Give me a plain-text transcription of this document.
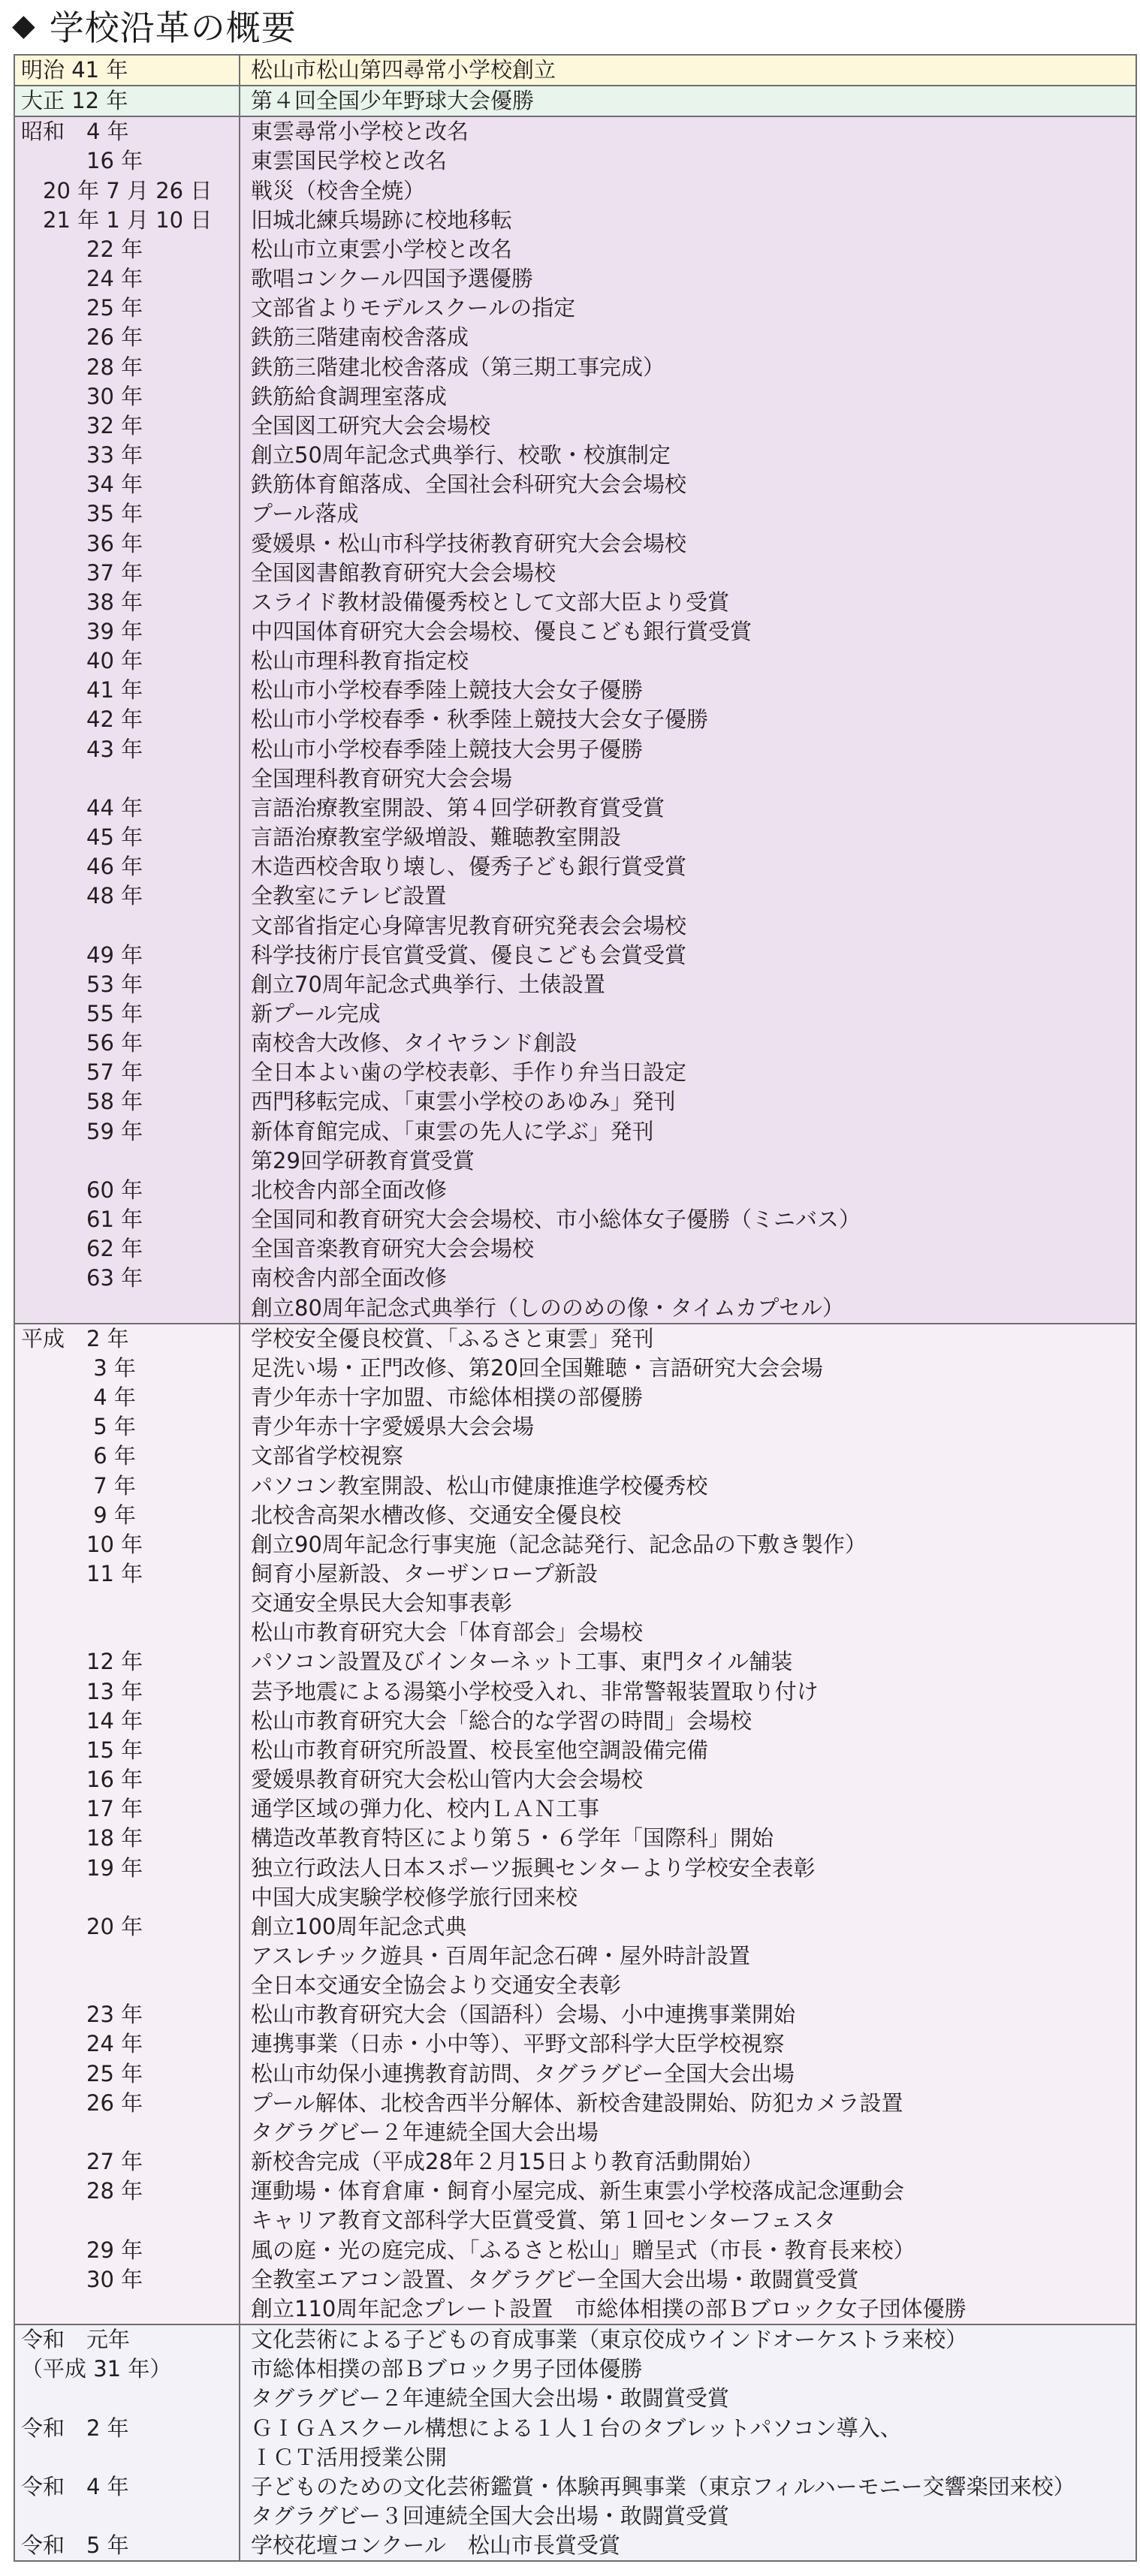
◆ 学校沿革の概要
明治 41 年	松山市松山第四尋常小学校創立
大正 12 年	第４回全国少年野球大会優勝
昭和　4 年	東雲尋常小学校と改名
　　　16 年	東雲国民学校と改名
　20 年 7 月 26 日	戦災（校舎全焼）
　21 年 1 月 10 日	旧城北練兵場跡に校地移転
　　　22 年	松山市立東雲小学校と改名
　　　24 年	歌唱コンクール四国予選優勝
　　　25 年	文部省よりモデルスクールの指定
　　　26 年	鉄筋三階建南校舎落成
　　　28 年	鉄筋三階建北校舎落成（第三期工事完成）
　　　30 年	鉄筋給食調理室落成
　　　32 年	全国図工研究大会会場校
　　　33 年	創立50周年記念式典挙行、校歌・校旗制定
　　　34 年	鉄筋体育館落成、全国社会科研究大会会場校
　　　35 年	プール落成
　　　36 年	愛媛県・松山市科学技術教育研究大会会場校
　　　37 年	全国図書館教育研究大会会場校
　　　38 年	スライド教材設備優秀校として文部大臣より受賞
　　　39 年	中四国体育研究大会会場校、優良こども銀行賞受賞
　　　40 年	松山市理科教育指定校
　　　41 年	松山市小学校春季陸上競技大会女子優勝
　　　42 年	松山市小学校春季・秋季陸上競技大会女子優勝
　　　43 年	松山市小学校春季陸上競技大会男子優勝
全国理科教育研究大会会場
　　　44 年	言語治療教室開設、第４回学研教育賞受賞
　　　45 年	言語治療教室学級増設、難聴教室開設
　　　46 年	木造西校舎取り壊し、優秀子ども銀行賞受賞
　　　48 年	全教室にテレビ設置
文部省指定心身障害児教育研究発表会会場校
　　　49 年	科学技術庁長官賞受賞、優良こども会賞受賞
　　　53 年	創立70周年記念式典挙行、土俵設置
　　　55 年	新プール完成
　　　56 年	南校舎大改修、タイヤランド創設
　　　57 年	全日本よい歯の学校表彰、手作り弁当日設定
　　　58 年	西門移転完成、「東雲小学校のあゆみ」発刊
　　　59 年	新体育館完成、「東雲の先人に学ぶ」発刊
第29回学研教育賞受賞
　　　60 年	北校舎内部全面改修
　　　61 年	全国同和教育研究大会会場校、市小総体女子優勝（ミニバス）
　　　62 年	全国音楽教育研究大会会場校
　　　63 年	南校舎内部全面改修
創立80周年記念式典挙行（しののめの像・タイムカプセル）
平成　2 年	学校安全優良校賞、「ふるさと東雲」発刊
　　　 3 年	足洗い場・正門改修、第20回全国難聴・言語研究大会会場
　　　 4 年	青少年赤十字加盟、市総体相撲の部優勝
　　　 5 年	青少年赤十字愛媛県大会会場
　　　 6 年	文部省学校視察
　　　 7 年	パソコン教室開設、松山市健康推進学校優秀校
　　　 9 年	北校舎高架水槽改修、交通安全優良校
　　　10 年	創立90周年記念行事実施（記念誌発行、記念品の下敷き製作）
　　　11 年	飼育小屋新設、ターザンロープ新設
交通安全県民大会知事表彰
松山市教育研究大会「体育部会」会場校
　　　12 年	パソコン設置及びインターネット工事、東門タイル舗装
　　　13 年	芸予地震による湯築小学校受入れ、非常警報装置取り付け
　　　14 年	松山市教育研究大会「総合的な学習の時間」会場校
　　　15 年	松山市教育研究所設置、校長室他空調設備完備
　　　16 年	愛媛県教育研究大会松山管内大会会場校
　　　17 年	通学区域の弾力化、校内ＬＡＮ工事
　　　18 年	構造改革教育特区により第５・６学年「国際科」開始
　　　19 年	独立行政法人日本スポーツ振興センターより学校安全表彰
中国大成実験学校修学旅行団来校
　　　20 年	創立100周年記念式典
アスレチック遊具・百周年記念石碑・屋外時計設置
全日本交通安全協会より交通安全表彰
　　　23 年	松山市教育研究大会（国語科）会場、小中連携事業開始
　　　24 年	連携事業（日赤・小中等）、平野文部科学大臣学校視察
　　　25 年	松山市幼保小連携教育訪問、タグラグビー全国大会出場
　　　26 年	プール解体、北校舎西半分解体、新校舎建設開始、防犯カメラ設置
タグラグビー２年連続全国大会出場
　　　27 年	新校舎完成（平成28年２月15日より教育活動開始）
　　　28 年	運動場・体育倉庫・飼育小屋完成、新生東雲小学校落成記念運動会
キャリア教育文部科学大臣賞受賞、第１回センターフェスタ
　　　29 年	風の庭・光の庭完成、「ふるさと松山」贈呈式（市長・教育長来校）
　　　30 年	全教室エアコン設置、タグラグビー全国大会出場・敢闘賞受賞
創立110周年記念プレート設置　市総体相撲の部Ｂブロック女子団体優勝
令和　元年	文化芸術による子どもの育成事業（東京佼成ウインドオーケストラ来校）
（平成 31 年）	市総体相撲の部Ｂブロック男子団体優勝
タグラグビー２年連続全国大会出場・敢闘賞受賞
令和　2 年	ＧＩＧＡスクール構想による１人１台のタブレットパソコン導入、
ＩＣＴ活用授業公開
令和　4 年	子どものための文化芸術鑑賞・体験再興事業（東京フィルハーモニー交響楽団来校）
タグラグビー３回連続全国大会出場・敢闘賞受賞
令和　5 年	学校花壇コンクール　松山市長賞受賞
